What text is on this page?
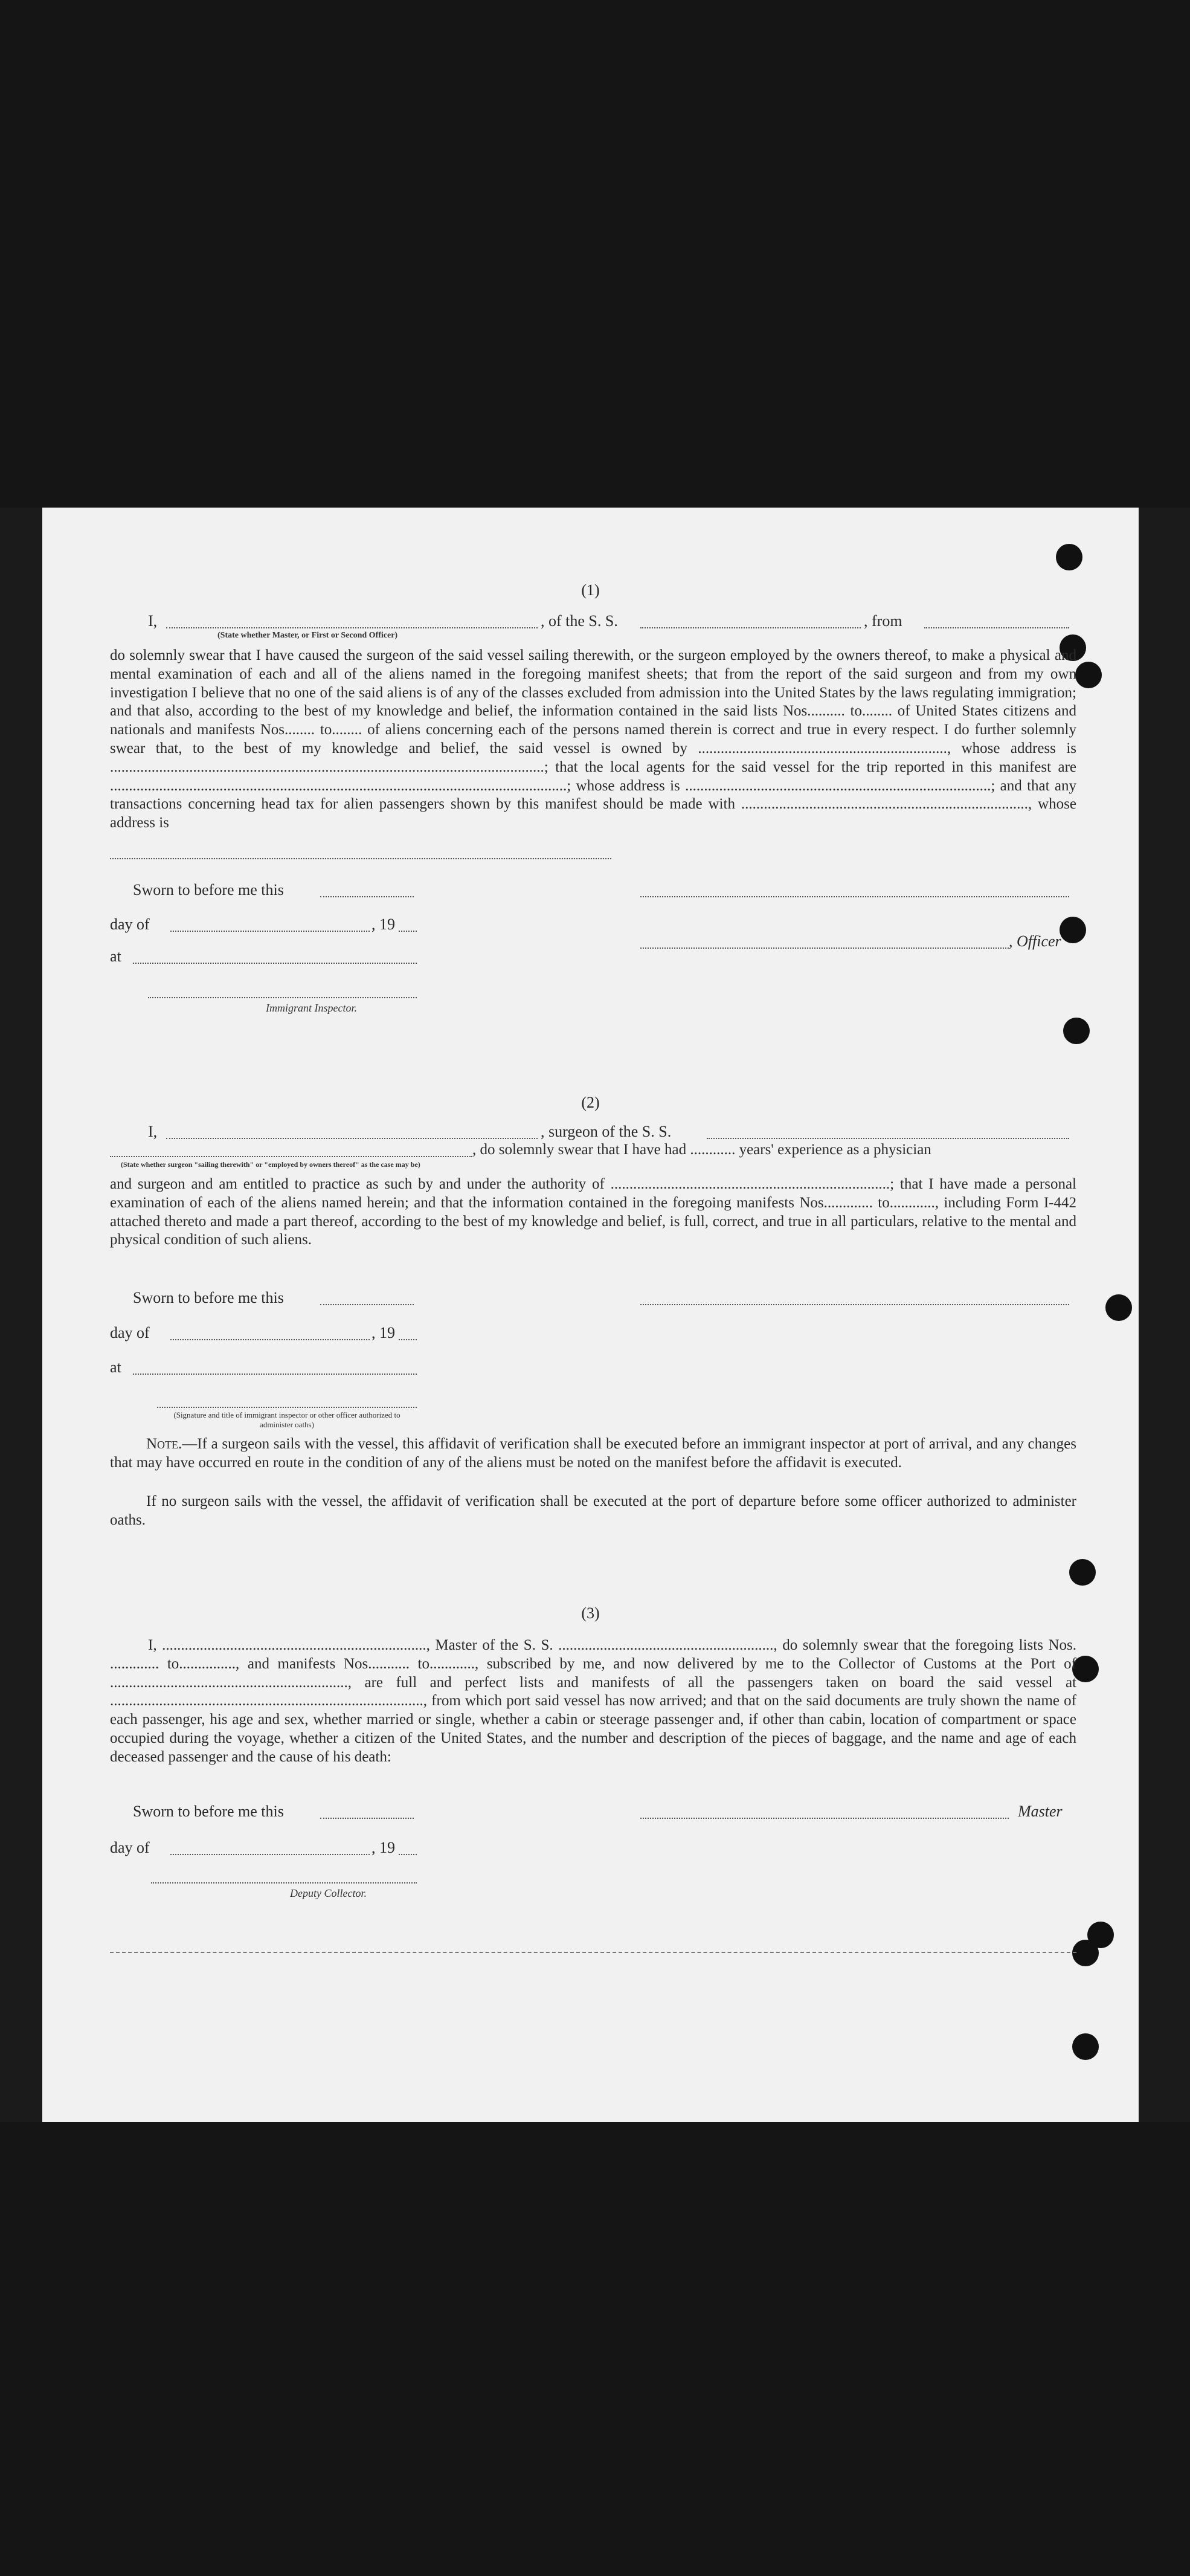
(1)
I,	, of the S. S.	, from
(State whether Master, or First or Second Officer)
do solemnly swear that I have caused the surgeon of the said vessel sailing therewith, or the surgeon employed by the owners thereof, to make a physical and mental examination of each and all of the aliens named in the foregoing manifest sheets; that from the report of the said surgeon and from my own investigation I believe that no one of the said aliens is of any of the classes excluded from admission into the United States by the laws regulating immigration; and that also, according to the best of my knowledge and belief, the information contained in the said lists Nos.......... to........ of United States citizens and nationals and manifests Nos........ to........ of aliens concerning each of the persons named therein is correct and true in every respect. I do further solemnly swear that, to the best of my knowledge and belief, the said vessel is owned by .................................................................., whose address is ...................................................................................................................; that the local agents for the said vessel for the trip reported in this manifest are .........................................................................................................................; whose address is .................................................................................; and that any transactions concerning head tax for alien passengers shown by this manifest should be made with ............................................................................, whose address is
Sworn to before me this
day of	, 19
at
, Officer
Immigrant Inspector.
(2)
I,	, surgeon of the S. S.
, do solemnly swear that I have had ............ years' experience as a physician
(State whether surgeon "sailing therewith" or "employed by owners thereof" as the case may be)
and surgeon and am entitled to practice as such by and under the authority of ..........................................................................; that I have made a personal examination of each of the aliens named herein; and that the information contained in the foregoing manifests Nos............. to............, including Form I-442 attached thereto and made a part thereof, according to the best of my knowledge and belief, is full, correct, and true in all particulars, relative to the mental and physical condition of such aliens.
Sworn to before me this
day of	, 19
at
(Signature and title of immigrant inspector or other officer authorized to administer oaths)
Note.—If a surgeon sails with the vessel, this affidavit of verification shall be executed before an immigrant inspector at port of arrival, and any changes that may have occurred en route in the condition of any of the aliens must be noted on the manifest before the affidavit is executed.
If no surgeon sails with the vessel, the affidavit of verification shall be executed at the port of departure before some officer authorized to administer oaths.
(3)
I, ......................................................................, Master of the S. S. ........................................................., do solemnly swear that the foregoing lists Nos. ............. to..............., and manifests Nos........... to............, subscribed by me, and now delivered by me to the Collector of Customs at the Port of ..............................................................., are full and perfect lists and manifests of all the passengers taken on board the said vessel at ..................................................................................., from which port said vessel has now arrived; and that on the said documents are truly shown the name of each passenger, his age and sex, whether married or single, whether a cabin or steerage passenger and, if other than cabin, location of compartment or space occupied during the voyage, whether a citizen of the United States, and the number and description of the pieces of baggage, and the name and age of each deceased passenger and the cause of his death:
Sworn to before me this	Master
day of	, 19
Deputy Collector.
